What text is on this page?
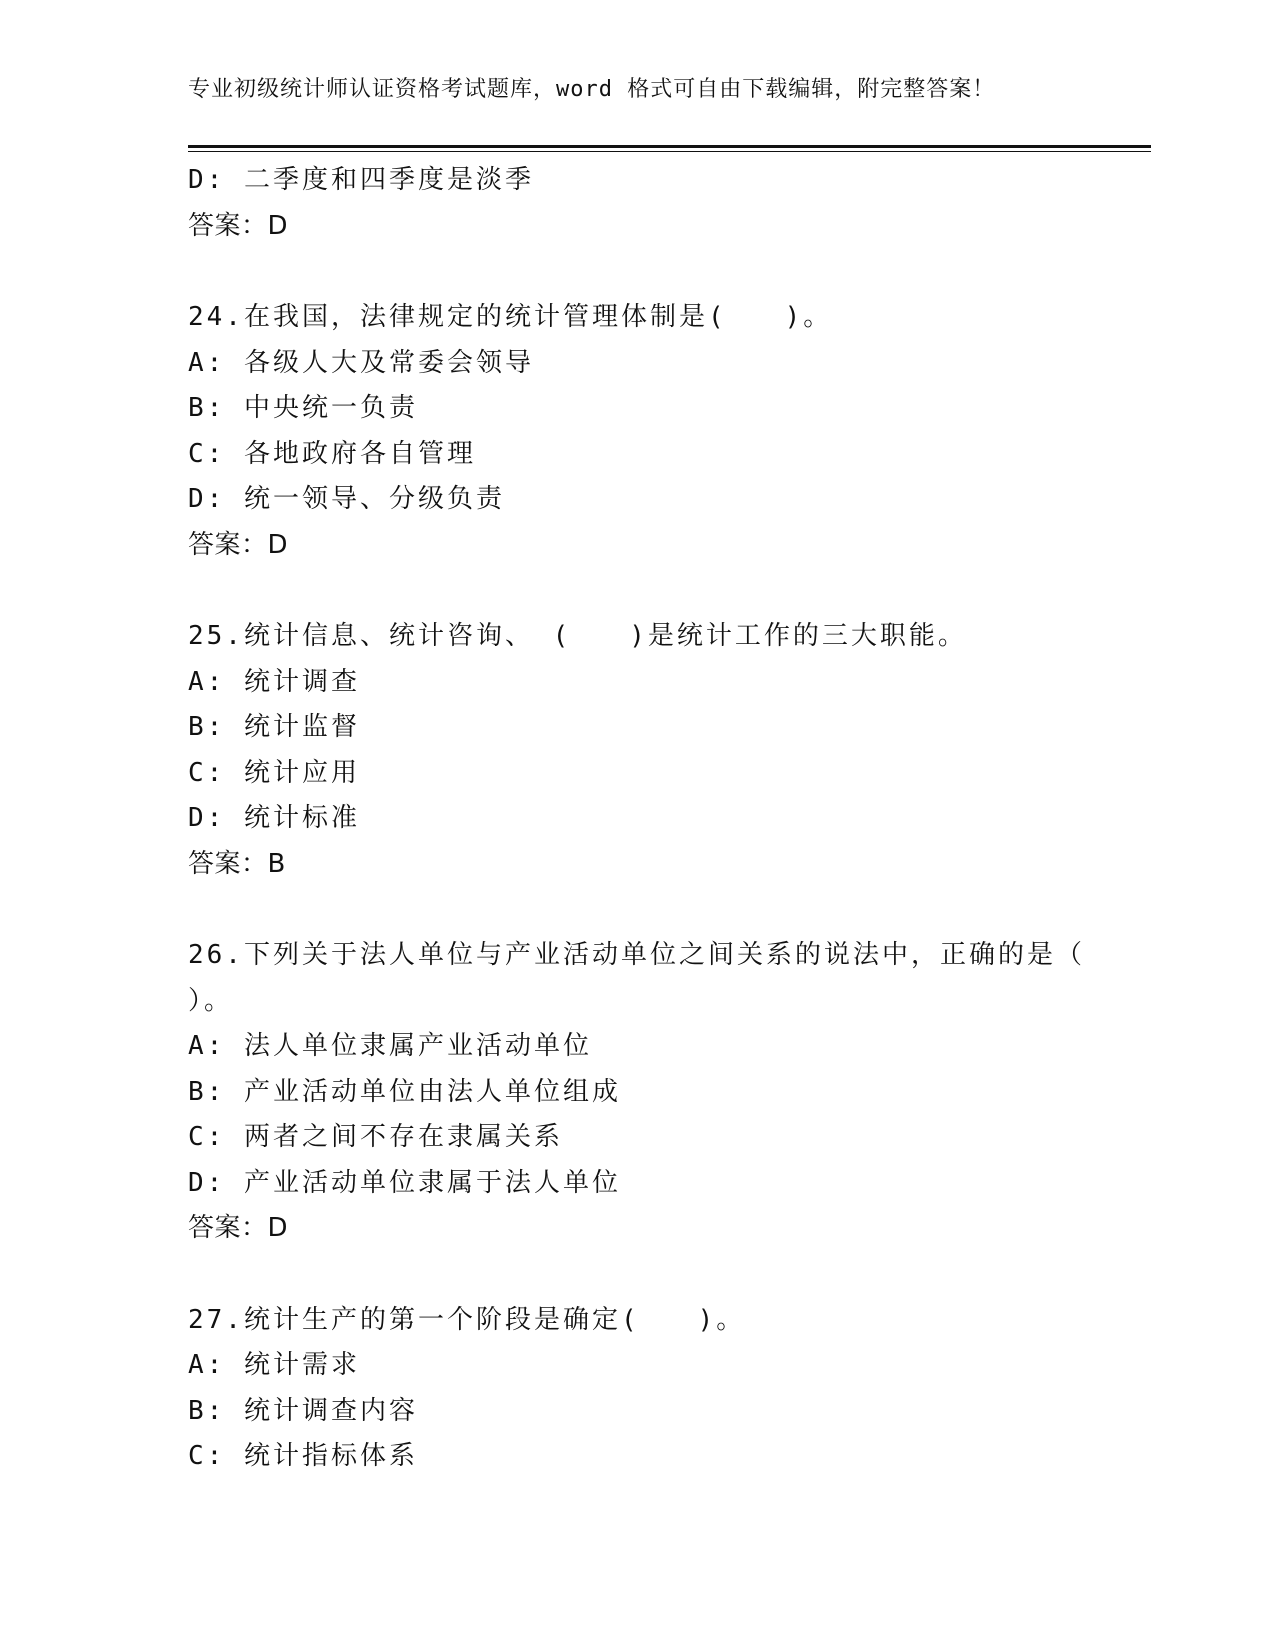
专业初级统计师认证资格考试题库，word 格式可自由下载编辑，附完整答案！
D: 二季度和四季度是淡季
答案：D
24.在我国，法律规定的统计管理体制是(　　)。
A: 各级人大及常委会领导
B: 中央统一负责
C: 各地政府各自管理
D: 统一领导、分级负责
答案：D
25.统计信息、统计咨询、 (　　)是统计工作的三大职能。
A: 统计调查
B: 统计监督
C: 统计应用
D: 统计标准
答案：B
26.下列关于法人单位与产业活动单位之间关系的说法中，正确的是（
）。
A: 法人单位隶属产业活动单位
B: 产业活动单位由法人单位组成
C: 两者之间不存在隶属关系
D: 产业活动单位隶属于法人单位
答案：D
27.统计生产的第一个阶段是确定(　　)。
A: 统计需求
B: 统计调查内容
C: 统计指标体系
